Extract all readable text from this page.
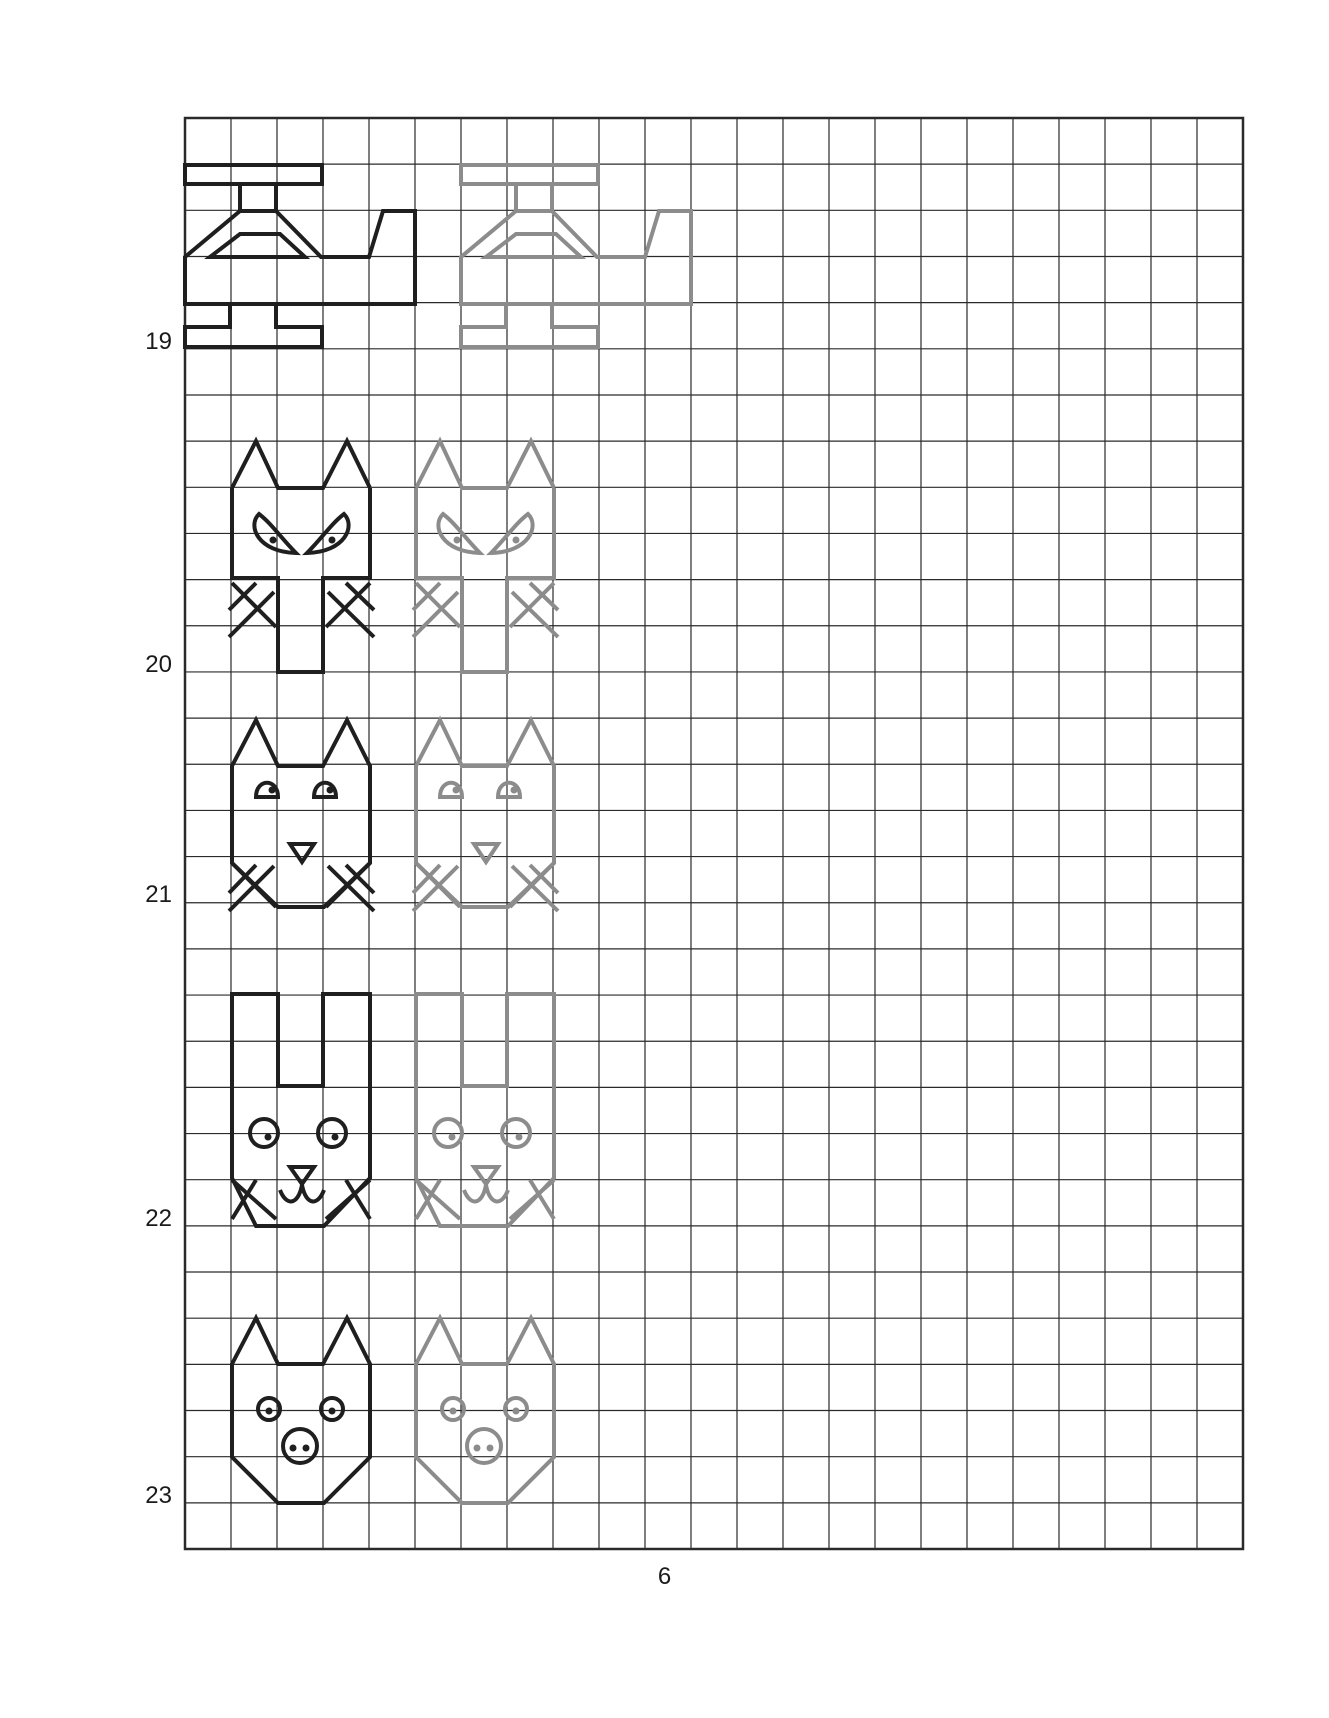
19
20
21
22
23
6
